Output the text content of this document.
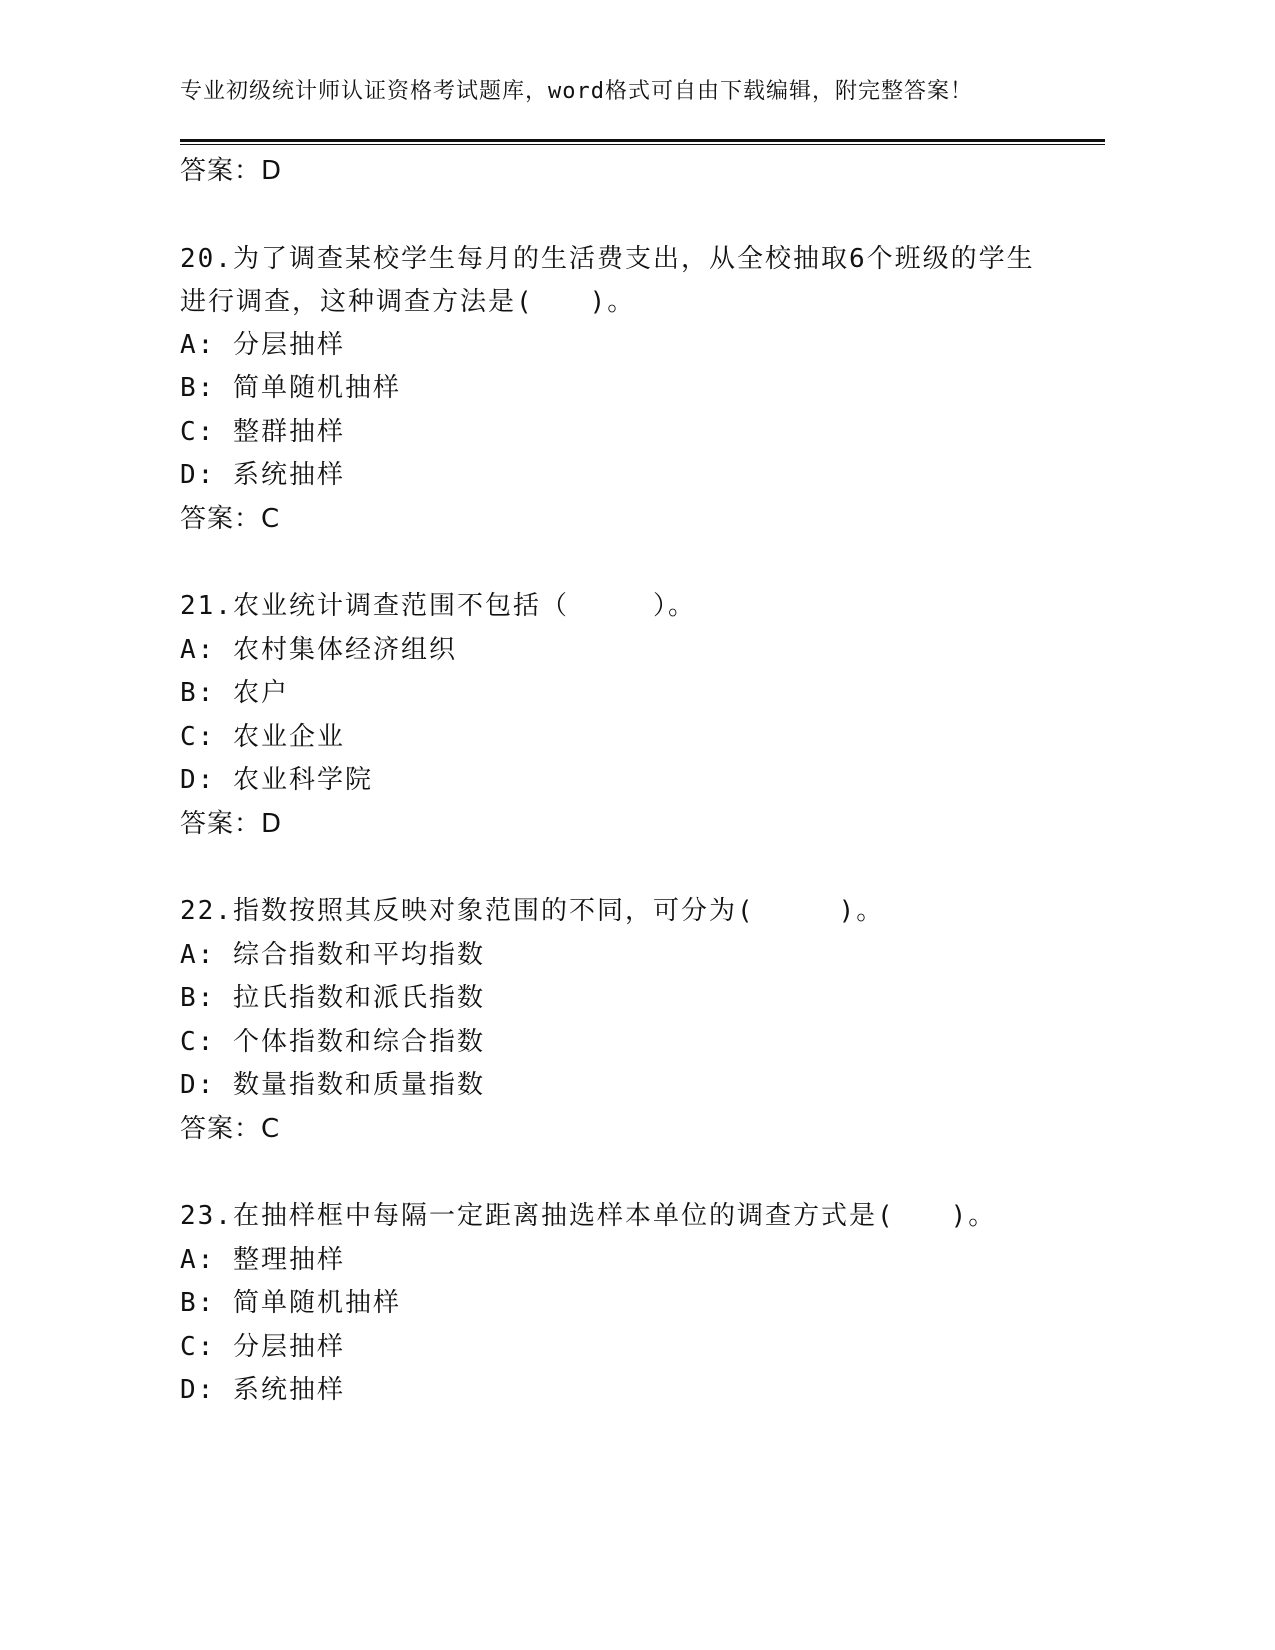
专业初级统计师认证资格考试题库，word格式可自由下载编辑，附完整答案！
答案：D
20.为了调查某校学生每月的生活费支出，从全校抽取6个班级的学生
进行调查，这种调查方法是(　　)。
A: 分层抽样
B: 简单随机抽样
C: 整群抽样
D: 系统抽样
答案：C
21.农业统计调查范围不包括（　　　）。
A: 农村集体经济组织
B: 农户
C: 农业企业
D: 农业科学院
答案：D
22.指数按照其反映对象范围的不同，可分为(　　　)。
A: 综合指数和平均指数
B: 拉氏指数和派氏指数
C: 个体指数和综合指数
D: 数量指数和质量指数
答案：C
23.在抽样框中每隔一定距离抽选样本单位的调查方式是(　　)。
A: 整理抽样
B: 简单随机抽样
C: 分层抽样
D: 系统抽样
